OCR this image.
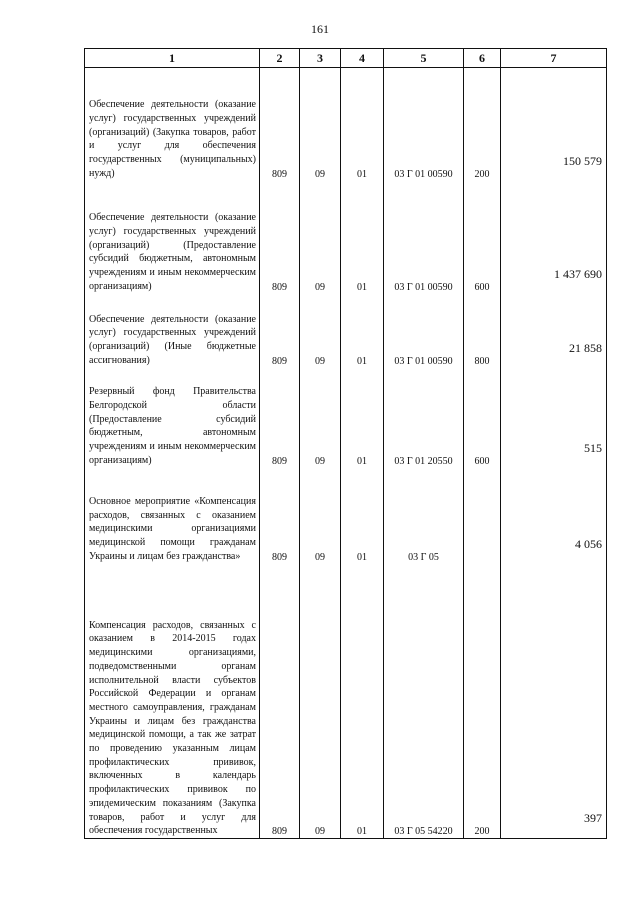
161
1	2	3	4	5	6	7
Обеспечение деятельности (оказание услуг) государственных учреждений (организаций) (Закупка товаров, работ и услуг для обеспечения государственных (муниципальных) нужд)	809	09	01	03 Г 01 00590	200	150 579
Обеспечение деятельности (оказание услуг) государственных учреждений (организаций) (Предоставление субсидий бюджетным, автономным учреждениям и иным некоммерческим организациям)	809	09	01	03 Г 01 00590	600	1 437 690
Обеспечение деятельности (оказание услуг) государственных учреждений (организаций) (Иные бюджетные ассигнования)	809	09	01	03 Г 01 00590	800	21 858
Резервный фонд Правительства Белгородской области (Предоставление субсидий бюджетным, автономным учреждениям и иным некоммерческим организациям)	809	09	01	03 Г 01 20550	600	515
Основное мероприятие «Компенсация расходов, связанных с оказанием медицинскими организациями медицинской помощи гражданам Украины и лицам без гражданства»	809	09	01	03 Г 05		4 056
Компенсация расходов, связанных с оказанием в 2014-2015 годах медицинскими организациями, подведомственными органам исполнительной власти субъектов Российской Федерации и органам местного самоуправления, гражданам Украины и лицам без гражданства медицинской помощи, а так же затрат по проведению указанным лицам профилактических прививок, включенных в календарь профилактических прививок по эпидемическим показаниям (Закупка товаров, работ и услуг для обеспечения государственных	809	09	01	03 Г 05 54220	200	397
